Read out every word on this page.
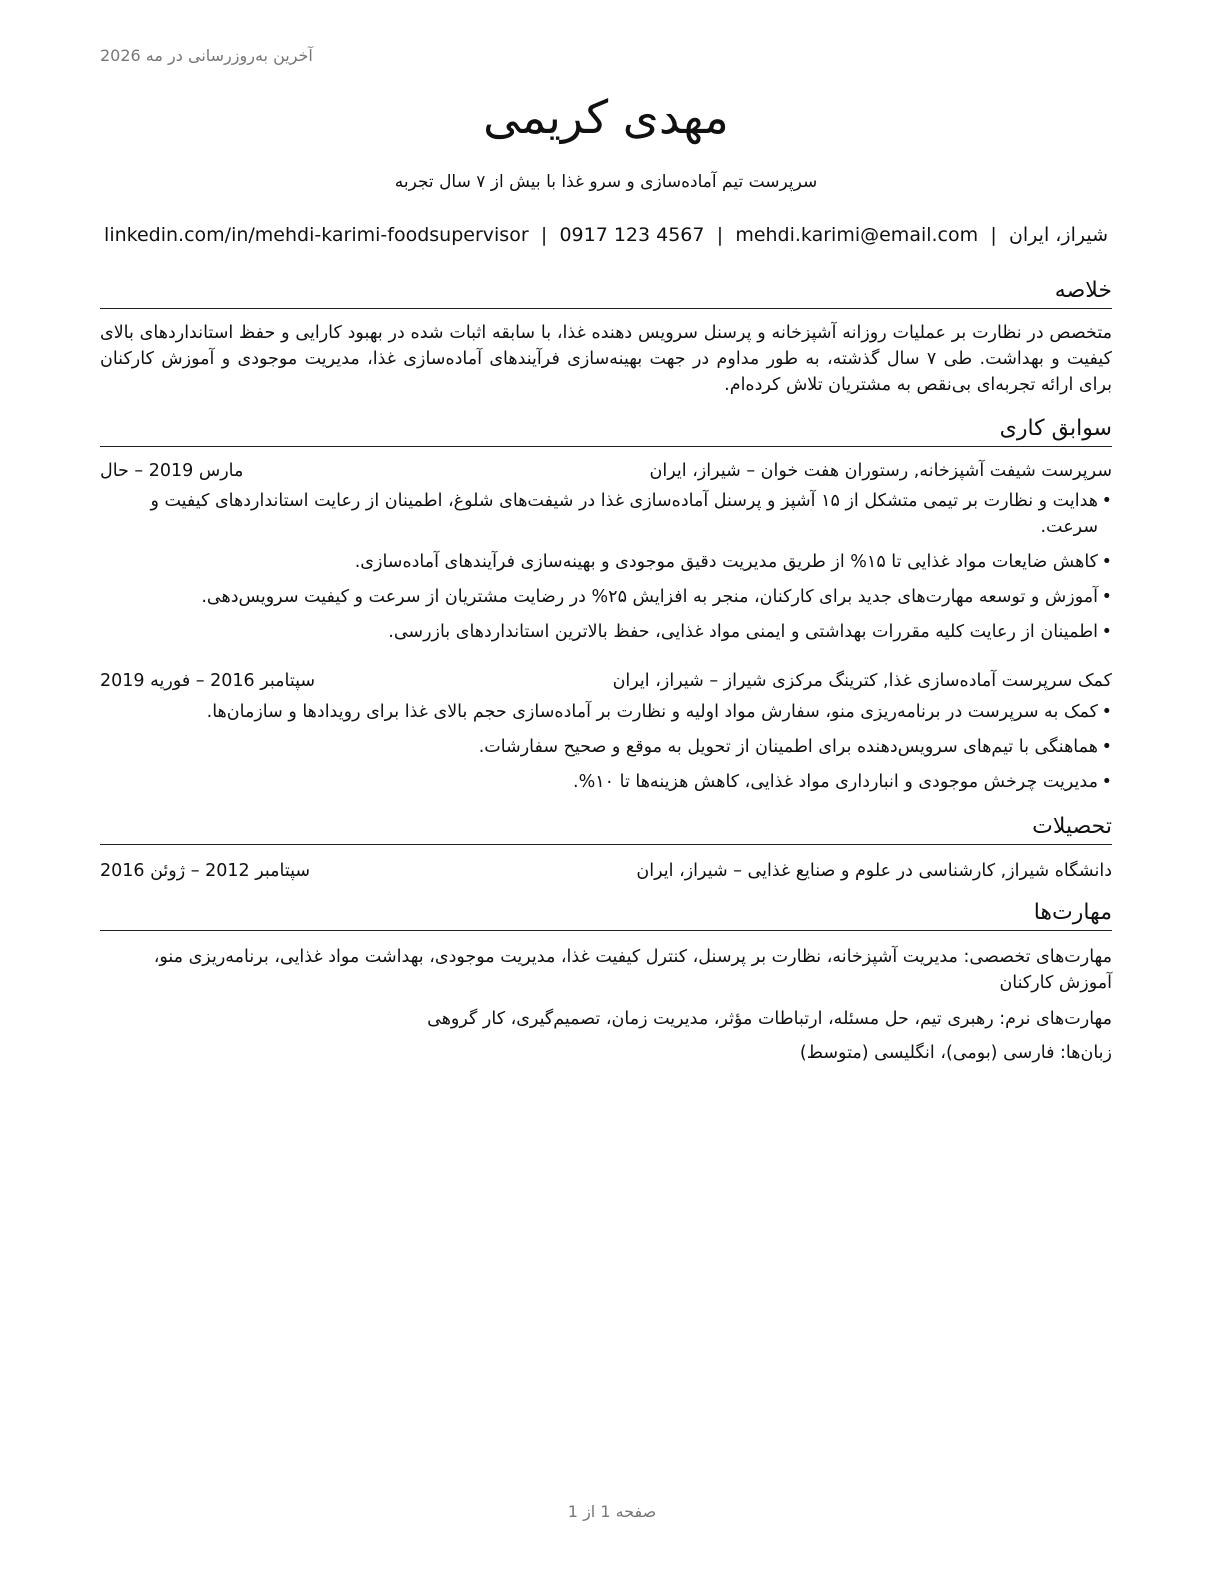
آخرین به‌روزرسانی در مه 2026
مهدی کریمی
سرپرست تیم آماده‌سازی و سرو غذا با بیش از ۷ سال تجربه
شیراز، ایران
|
mehdi.karimi@email.com
|
0917 123 4567
|
linkedin.com/in/mehdi-karimi-foodsupervisor
خلاصه
متخصص در نظارت بر عملیات روزانه آشپزخانه و پرسنل سرویس دهنده غذا، با سابقه اثبات شده در بهبود کارایی و حفظ استانداردهای بالای کیفیت و بهداشت. طی ۷ سال گذشته، به طور مداوم در جهت بهینه‌سازی فرآیندهای آماده‌سازی غذا، مدیریت موجودی و آموزش کارکنان برای ارائه تجربه‌ای بی‌نقص به مشتریان تلاش کرده‌ام.
سوابق کاری
سرپرست شیفت آشپزخانه, رستوران هفت خوان – شیراز، ایران
مارس 2019 – حال
• هدایت و نظارت بر تیمی متشکل از ۱۵ آشپز و پرسنل آماده‌سازی غذا در شیفت‌های شلوغ، اطمینان از رعایت استانداردهای کیفیت و سرعت.
• کاهش ضایعات مواد غذایی تا ۱۵% از طریق مدیریت دقیق موجودی و بهینه‌سازی فرآیندهای آماده‌سازی.
• آموزش و توسعه مهارت‌های جدید برای کارکنان، منجر به افزایش ۲۵% در رضایت مشتریان از سرعت و کیفیت سرویس‌دهی.
• اطمینان از رعایت کلیه مقررات بهداشتی و ایمنی مواد غذایی، حفظ بالاترین استانداردهای بازرسی.
کمک سرپرست آماده‌سازی غذا, کترینگ مرکزی شیراز – شیراز، ایران
سپتامبر 2016 – فوریه 2019
• کمک به سرپرست در برنامه‌ریزی منو، سفارش مواد اولیه و نظارت بر آماده‌سازی حجم بالای غذا برای رویدادها و سازمان‌ها.
• هماهنگی با تیم‌های سرویس‌دهنده برای اطمینان از تحویل به موقع و صحیح سفارشات.
• مدیریت چرخش موجودی و انبارداری مواد غذایی، کاهش هزینه‌ها تا ۱۰%.
تحصیلات
دانشگاه شیراز, کارشناسی در علوم و صنایع غذایی – شیراز، ایران
سپتامبر 2012 – ژوئن 2016
مهارت‌ها
مهارت‌های تخصصی: مدیریت آشپزخانه، نظارت بر پرسنل، کنترل کیفیت غذا، مدیریت موجودی، بهداشت مواد غذایی، برنامه‌ریزی منو، آموزش کارکنان
مهارت‌های نرم: رهبری تیم، حل مسئله، ارتباطات مؤثر، مدیریت زمان، تصمیم‌گیری، کار گروهی
زبان‌ها: فارسی (بومی)، انگلیسی (متوسط)
صفحه 1 از 1
